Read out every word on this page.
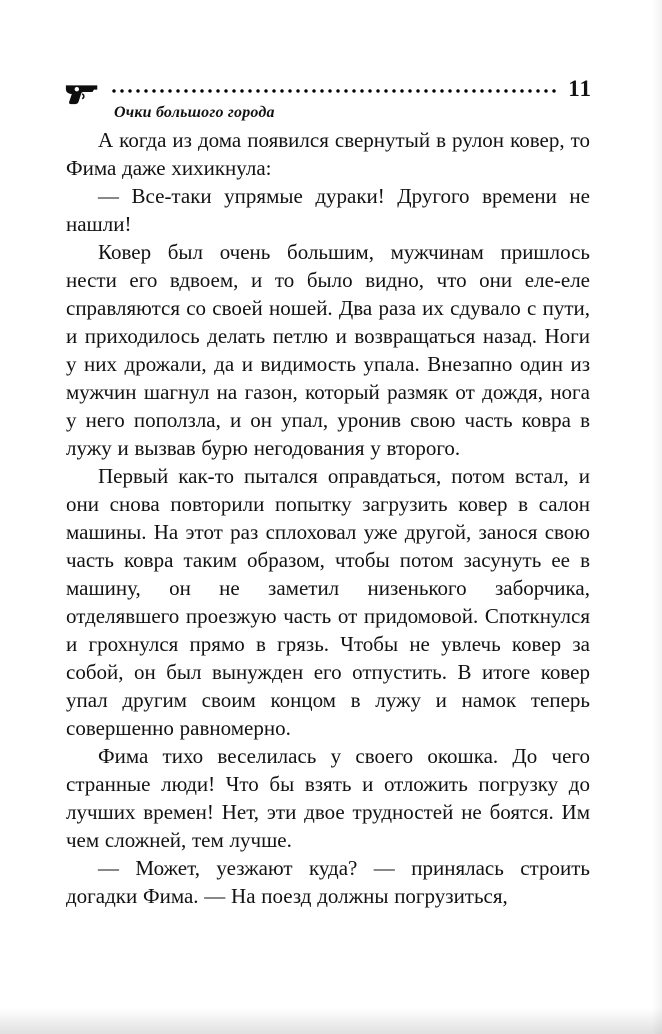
11
Очки большого города

А когда из дома появился свернутый в рулон ковер, то Фима даже хихикнула:

— Все-таки упрямые дураки! Другого времени не нашли!

Ковер был очень большим, мужчинам пришлось нести его вдвоем, и то было видно, что они еле-еле справляются со своей ношей. Два раза их сдувало с пути, и приходилось делать петлю и возвращаться назад. Ноги у них дрожали, да и видимость упала. Внезапно один из мужчин шагнул на газон, который размяк от дождя, нога у него поползла, и он упал, уронив свою часть ковра в лужу и вызвав бурю негодования у второго.

Первый как-то пытался оправдаться, потом встал, и они снова повторили попытку загрузить ковер в салон машины. На этот раз сплоховал уже другой, занося свою часть ковра таким образом, чтобы потом засунуть ее в машину, он не заметил низенького заборчика, отделявшего проезжую часть от придомовой. Споткнулся и грохнулся прямо в грязь. Чтобы не увлечь ковер за собой, он был вынужден его отпустить. В итоге ковер упал другим своим концом в лужу и намок теперь совершенно равномерно.

Фима тихо веселилась у своего окошка. До чего странные люди! Что бы взять и отложить погрузку до лучших времен! Нет, эти двое трудностей не боятся. Им чем сложней, тем лучше.

— Может, уезжают куда? — принялась строить догадки Фима. — На поезд должны погрузиться,
